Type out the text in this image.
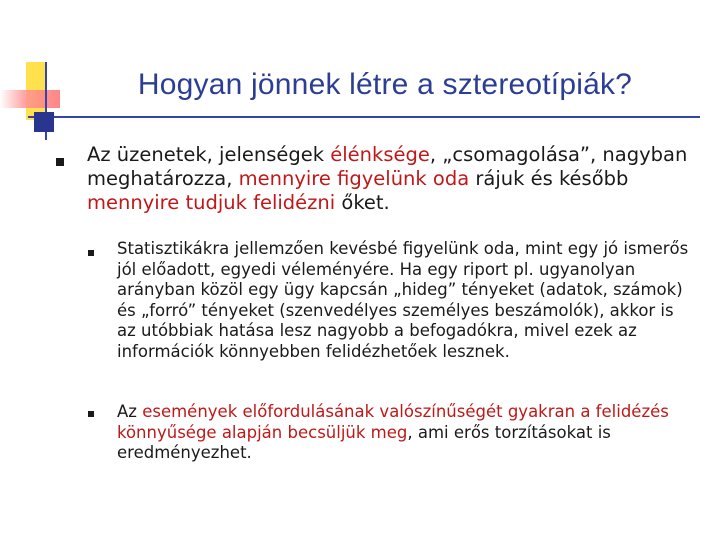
Hogyan jönnek létre a sztereotípiák?

Az üzenetek, jelenségek élénksége, „csomagolása”, nagyban meghatározza, mennyire figyelünk oda rájuk és később mennyire tudjuk felidézni őket.

Statisztikákra jellemzően kevésbé figyelünk oda, mint egy jó ismerős jól előadott, egyedi véleményére. Ha egy riport pl. ugyanolyan arányban közöl egy ügy kapcsán „hideg” tényeket (adatok, számok) és „forró” tényeket (szenvedélyes személyes beszámolók), akkor is az utóbbiak hatása lesz nagyobb a befogadókra, mivel ezek az információk könnyebben felidézhetőek lesznek.

Az események előfordulásának valószínűségét gyakran a felidézés könnyűsége alapján becsüljük meg, ami erős torzításokat is eredményezhet.
